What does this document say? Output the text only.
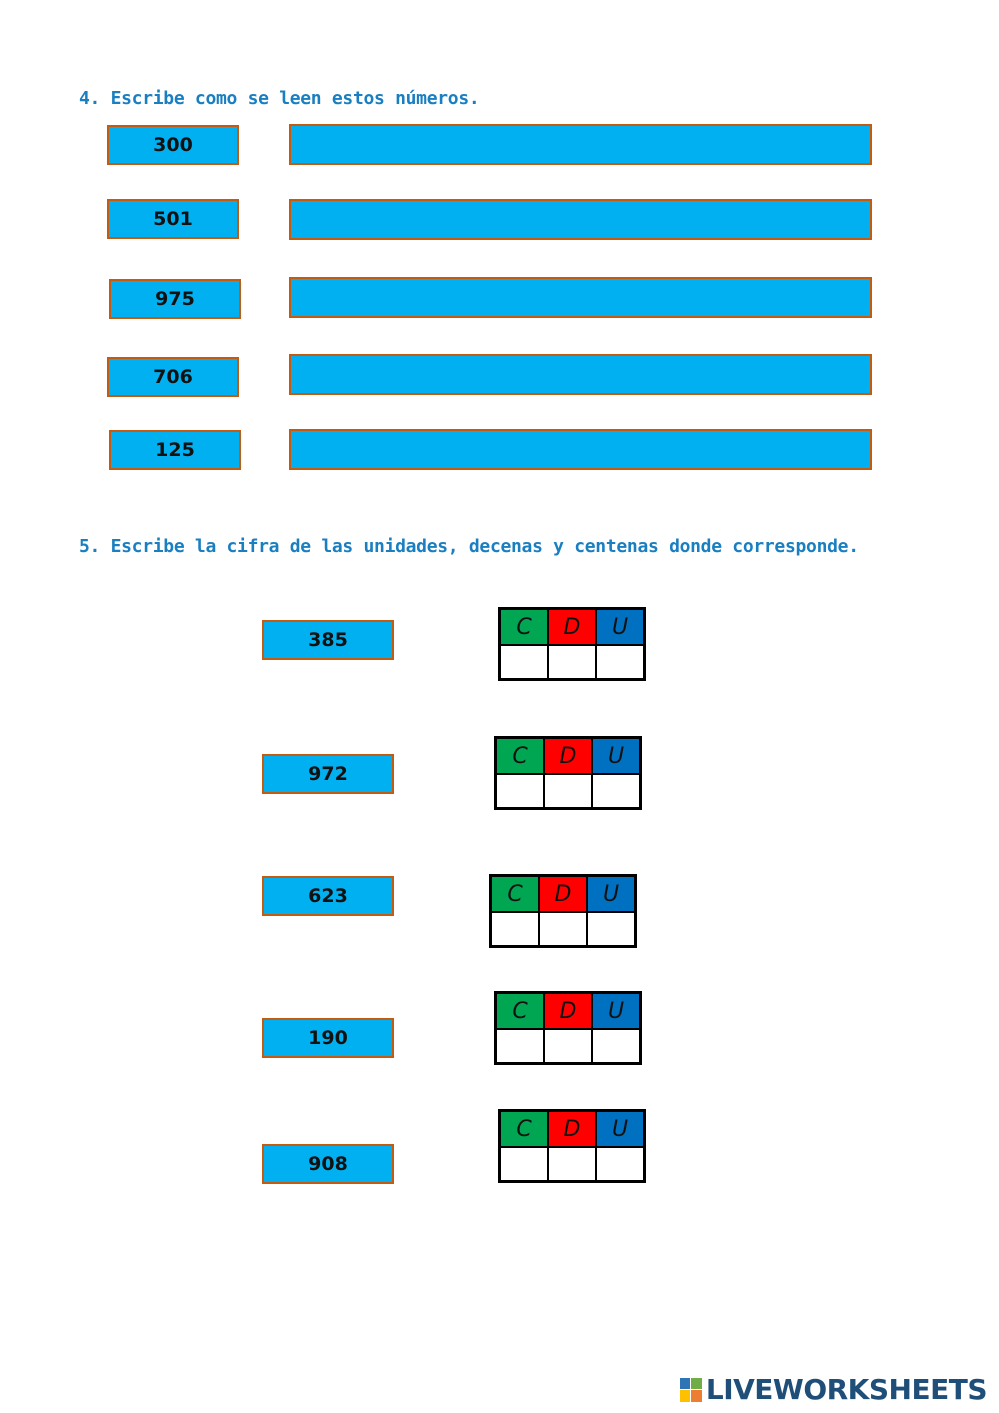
4. Escribe como se leen estos números.
300
501
975
706
125
5. Escribe la cifra de las unidades, decenas y centenas donde corresponde.
385
C	D	U

972
C	D	U

623	C	D	U

190
C	D	U

908
C	D	U

LIVEWORKSHEETS
